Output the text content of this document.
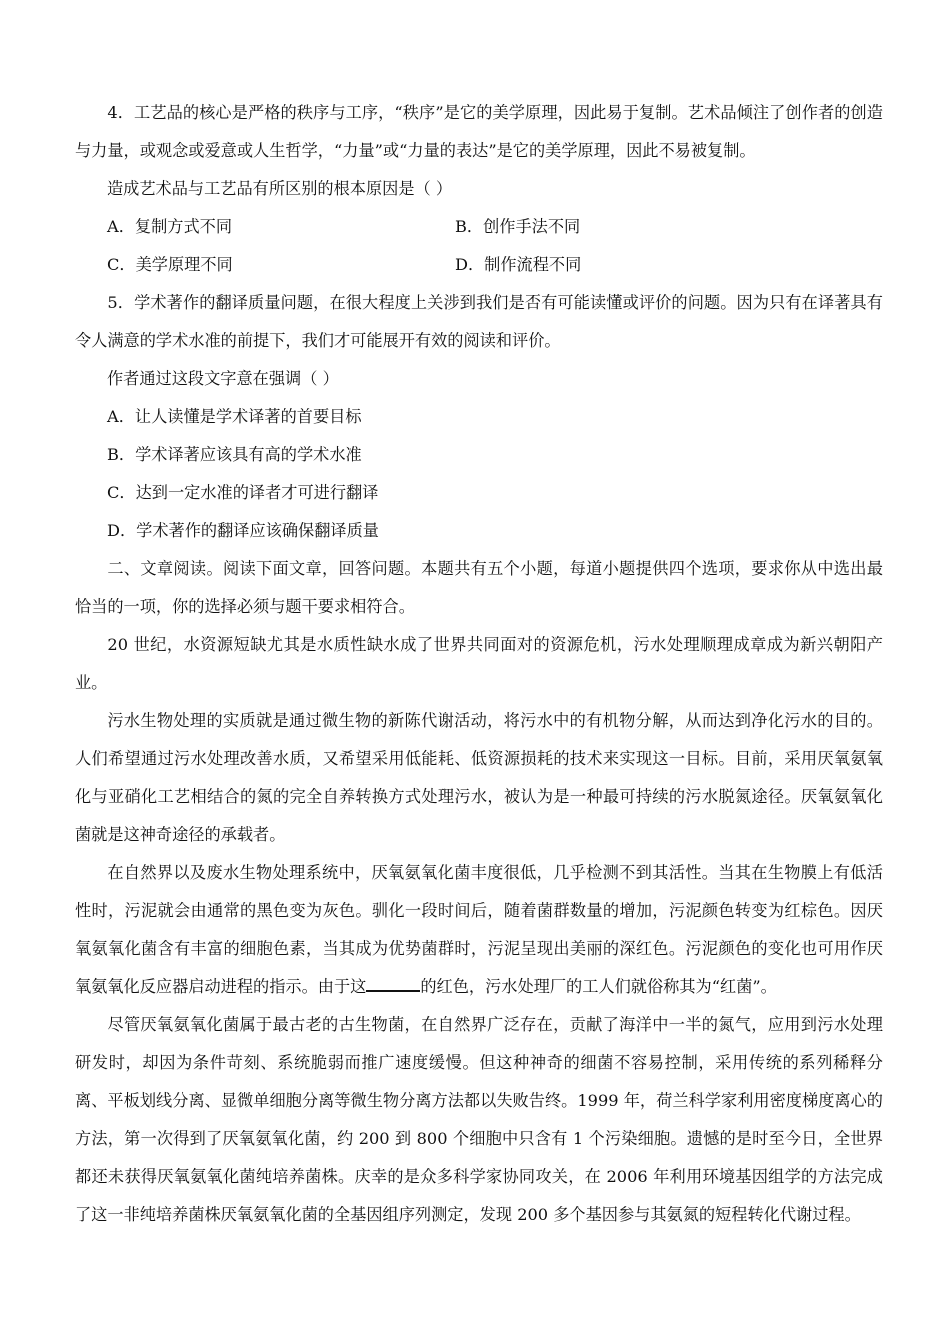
4．工艺品的核心是严格的秩序与工序，“秩序”是它的美学原理，因此易于复制。艺术品倾注了创作者的创造与力量，或观念或爱意或人生哲学，“力量”或“力量的表达”是它的美学原理，因此不易被复制。

造成艺术品与工艺品有所区别的根本原因是（ ）

A．复制方式不同	B．创作手法不同

C．美学原理不同	D．制作流程不同

5．学术著作的翻译质量问题，在很大程度上关涉到我们是否有可能读懂或评价的问题。因为只有在译著具有令人满意的学术水准的前提下，我们才可能展开有效的阅读和评价。

作者通过这段文字意在强调（ ）

A．让人读懂是学术译著的首要目标

B．学术译著应该具有高的学术水准

C．达到一定水准的译者才可进行翻译

D．学术著作的翻译应该确保翻译质量

二、文章阅读。阅读下面文章，回答问题。本题共有五个小题，每道小题提供四个选项，要求你从中选出最恰当的一项，你的选择必须与题干要求相符合。

20 世纪，水资源短缺尤其是水质性缺水成了世界共同面对的资源危机，污水处理顺理成章成为新兴朝阳产业。

污水生物处理的实质就是通过微生物的新陈代谢活动，将污水中的有机物分解，从而达到净化污水的目的。人们希望通过污水处理改善水质，又希望采用低能耗、低资源损耗的技术来实现这一目标。目前，采用厌氧氨氧化与亚硝化工艺相结合的氮的完全自养转换方式处理污水，被认为是一种最可持续的污水脱氮途径。厌氧氨氧化菌就是这神奇途径的承载者。

在自然界以及废水生物处理系统中，厌氧氨氧化菌丰度很低，几乎检测不到其活性。当其在生物膜上有低活性时，污泥就会由通常的黑色变为灰色。驯化一段时间后，随着菌群数量的增加，污泥颜色转变为红棕色。因厌氧氨氧化菌含有丰富的细胞色素，当其成为优势菌群时，污泥呈现出美丽的深红色。污泥颜色的变化也可用作厌氧氨氧化反应器启动进程的指示。由于这	的红色，污水处理厂的工人们就俗称其为“红菌”。

尽管厌氧氨氧化菌属于最古老的古生物菌，在自然界广泛存在，贡献了海洋中一半的氮气，应用到污水处理研发时，却因为条件苛刻、系统脆弱而推广速度缓慢。但这种神奇的细菌不容易控制，采用传统的系列稀释分离、平板划线分离、显微单细胞分离等微生物分离方法都以失败告终。1999 年，荷兰科学家利用密度梯度离心的方法，第一次得到了厌氧氨氧化菌，约 200 到 800 个细胞中只含有 1 个污染细胞。遗憾的是时至今日，全世界都还未获得厌氧氨氧化菌纯培养菌株。庆幸的是众多科学家协同攻关，在 2006 年利用环境基因组学的方法完成了这一非纯培养菌株厌氧氨氧化菌的全基因组序列测定，发现 200 多个基因参与其氨氮的短程转化代谢过程。
